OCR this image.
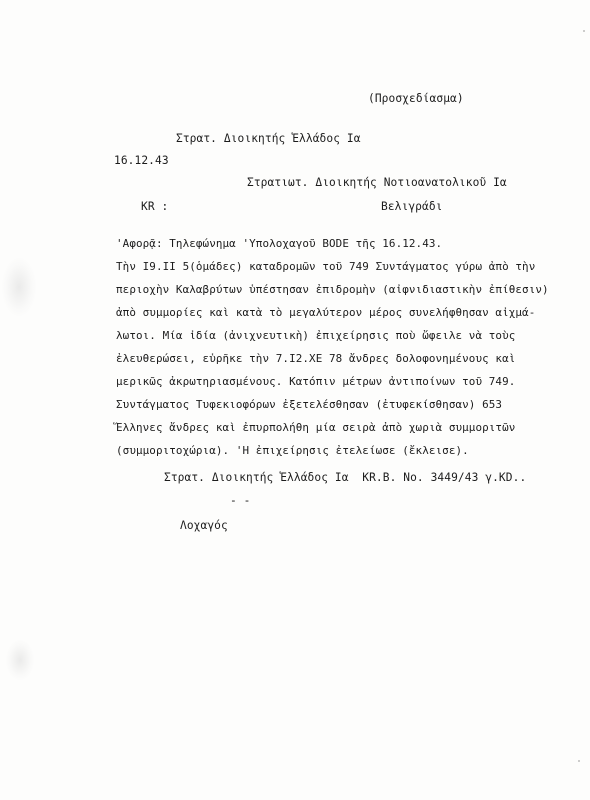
(Προσχεδίασμα)
Στρατ. Διοικητής Ἑλλάδος Ια
16.12.43
Στρατιωτ. Διοικητής Νοτιοανατολικοῦ Ια
KR :	Βελιγράδι
'Αφορᾷ: Τηλεφώνημα 'Υπολοχαγοῦ BODE τῆς 16.12.43.
Τὴν I9.II 5(ὁμάδες) καταδρομῶν τοῦ 749 Συντάγματος γύρω ἀπὸ τὴν
περιοχὴν Καλαβρύτων ὑπέστησαν ἐπιδρομὴν (αἰφνιδιαστικὴν ἐπίθεσιν)
ἀπὸ συμμορίες καὶ κατὰ τὸ μεγαλύτερον μέρος συνελήφθησαν αἰχμά-
λωτοι. Μία ἰδία (ἀνιχνευτικὴ) ἐπιχείρησις ποὺ ὤφειλε νὰ τοὺς
ἐλευθερώσει, εὑρῆκε τὴν 7.I2.ΧΕ 78 ἄνδρες δολοφονημένους καὶ
μερικῶς ἀκρωτηριασμένους. Κατόπιν μέτρων ἀντιποίνων τοῦ 749.
Συντάγματος Τυφεκιοφόρων ἐξετελέσθησαν (ἐτυφεκίσθησαν) 653
Ἕλληνες ἄνδρες καὶ ἐπυρπολήθη μία σειρὰ ἀπὸ χωριὰ συμμοριτῶν
(συμμοριτοχώρια). 'Η ἐπιχείρησις ἐτελείωσε (ἔκλεισε).
Στρατ. Διοικητής Ἑλλάδος Ια  KR.B. No. 3449/43 γ.KD..
- -
Λοχαγός
